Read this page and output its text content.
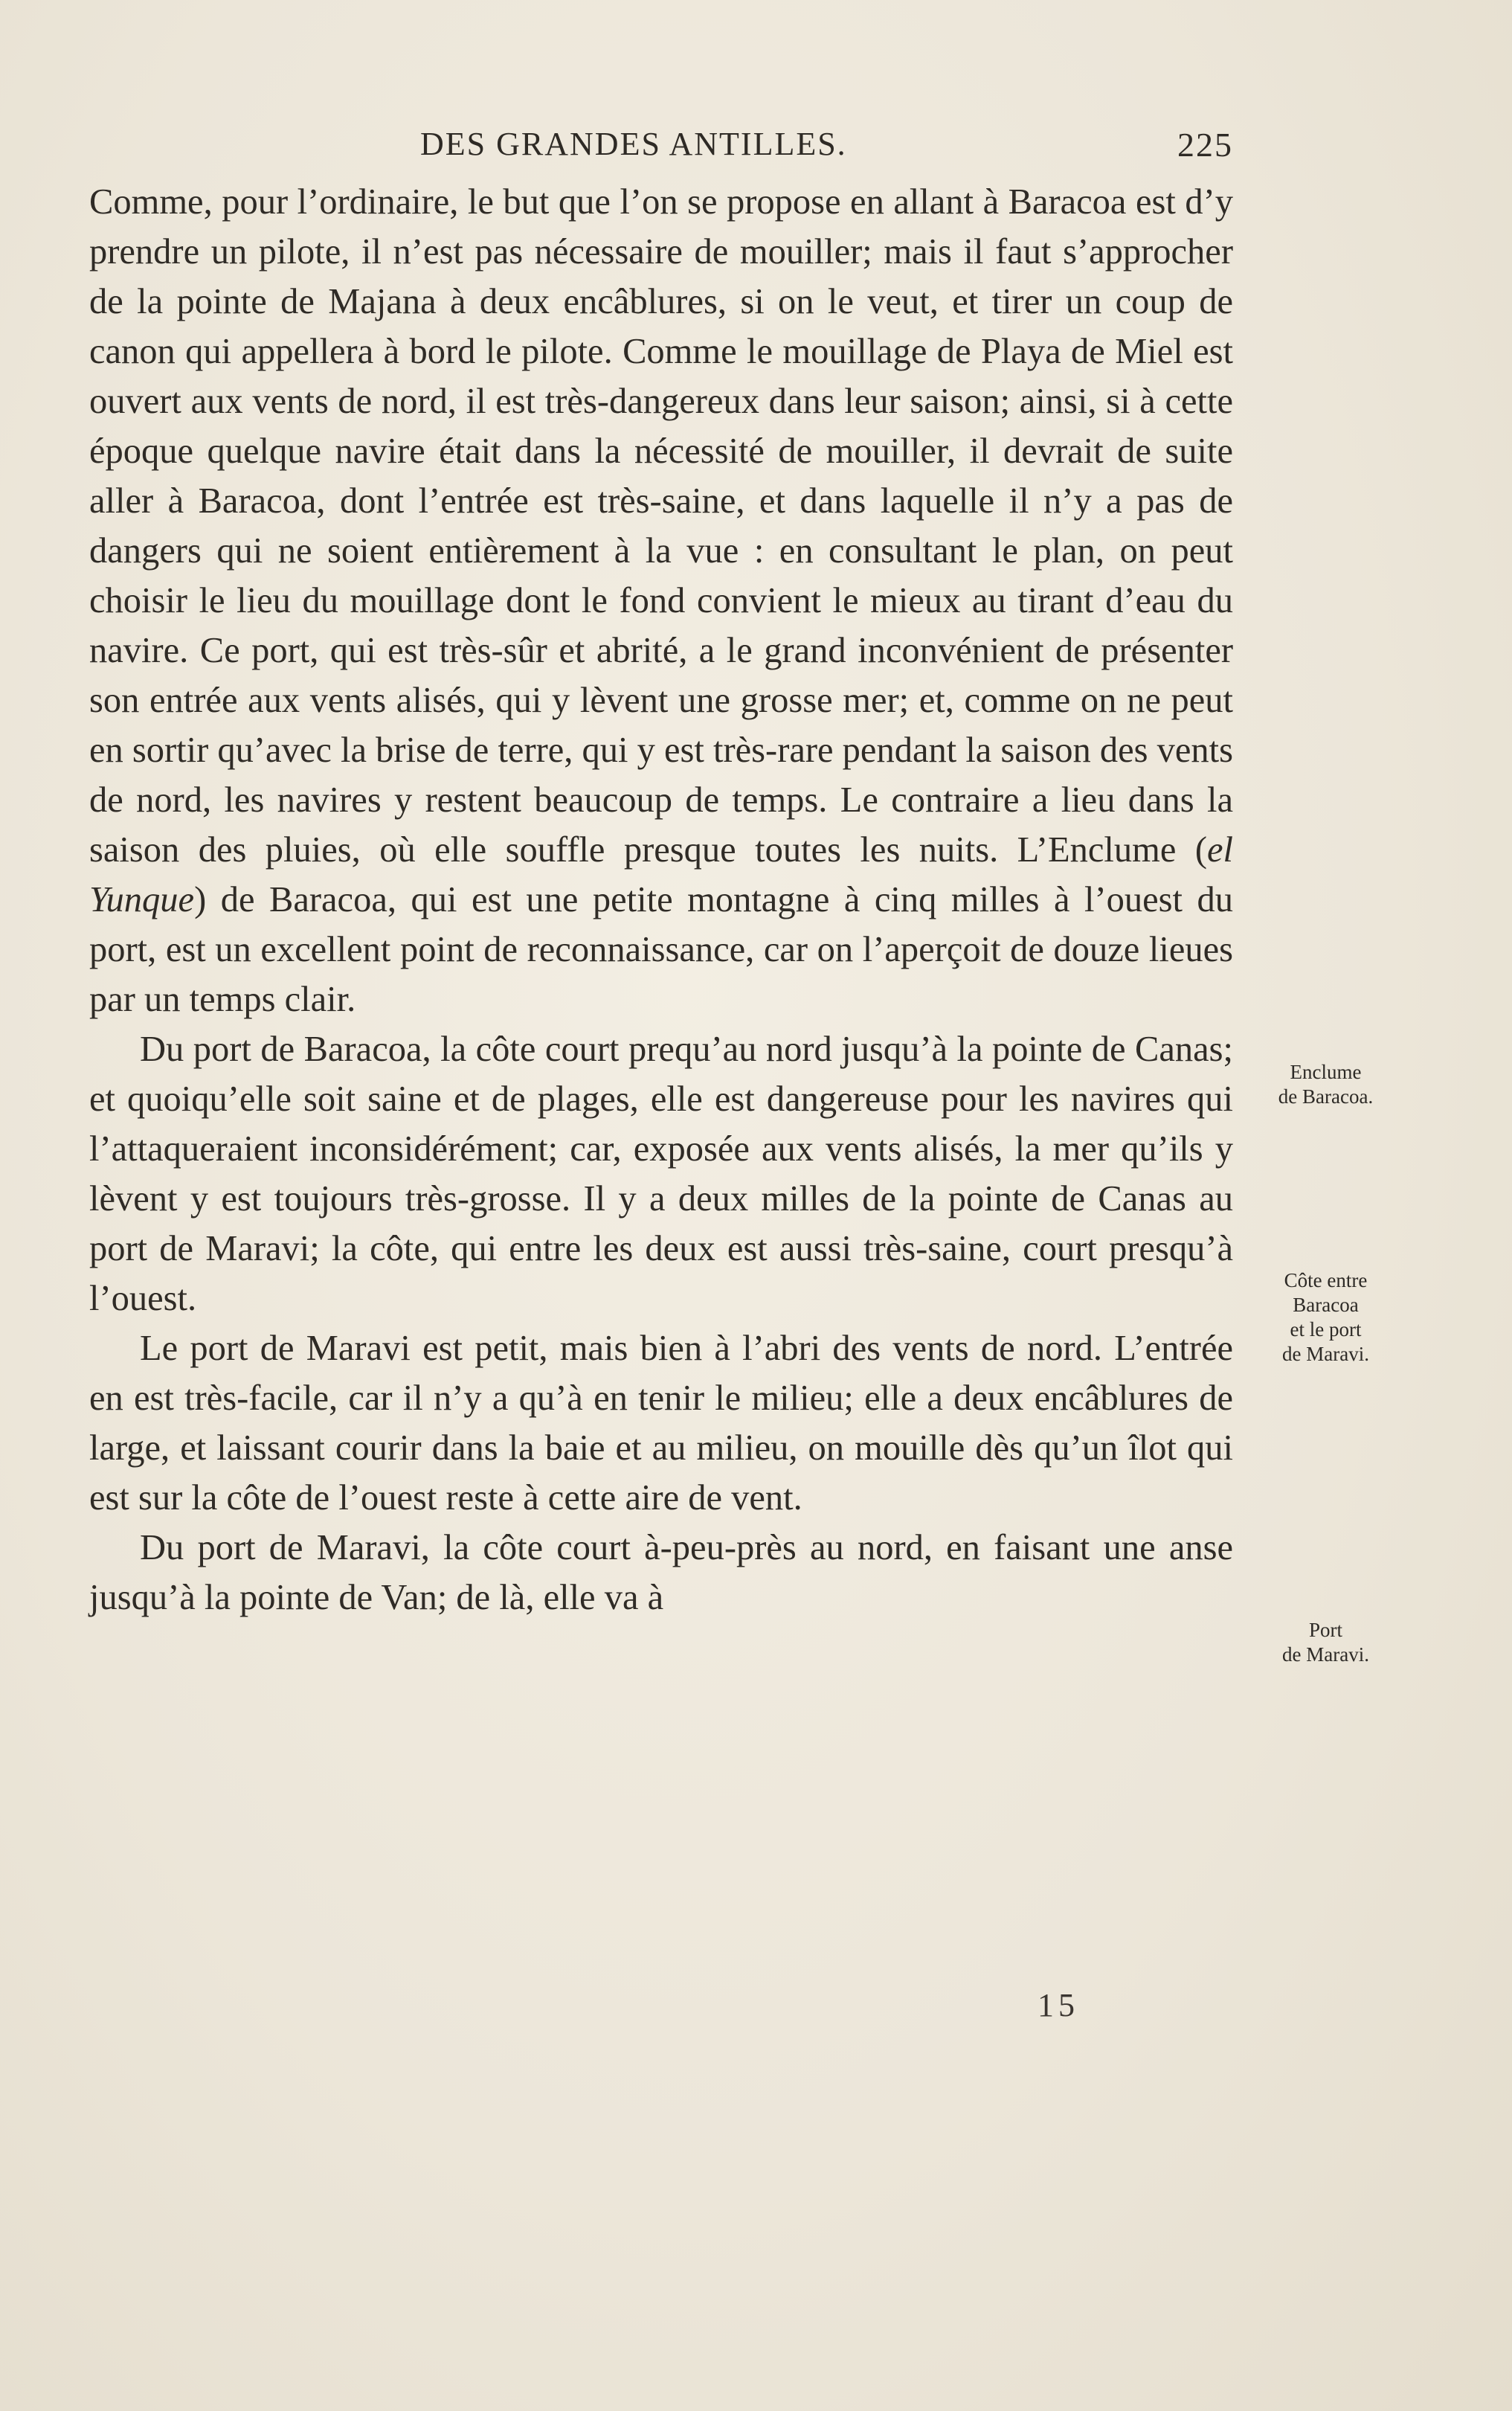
DES GRANDES ANTILLES.	225

Comme, pour l’ordinaire, le but que l’on se propose en allant à Baracoa est d’y prendre un pilote, il n’est pas nécessaire de mouiller; mais il faut s’approcher de la pointe de Majana à deux encâblures, si on le veut, et tirer un coup de canon qui appellera à bord le pilote. Comme le mouillage de Playa de Miel est ouvert aux vents de nord, il est très-dangereux dans leur saison; ainsi, si à cette époque quelque navire était dans la nécessité de mouiller, il devrait de suite aller à Baracoa, dont l’entrée est très-saine, et dans laquelle il n’y a pas de dangers qui ne soient entièrement à la vue : en consultant le plan, on peut choisir le lieu du mouillage dont le fond convient le mieux au tirant d’eau du navire. Ce port, qui est très-sûr et abrité, a le grand inconvénient de présenter son entrée aux vents alisés, qui y lèvent une grosse mer; et, comme on ne peut en sortir qu’avec la brise de terre, qui y est très-rare pendant la saison des vents de nord, les navires y restent beaucoup de temps. Le contraire a lieu dans la saison des pluies, où elle souffle presque toutes les nuits. L’Enclume (el Yunque) de Baracoa, qui est une petite montagne à cinq milles à l’ouest du port, est un excellent point de reconnaissance, car on l’aperçoit de douze lieues par un temps clair.

Du port de Baracoa, la côte court prequ’au nord jusqu’à la pointe de Canas; et quoiqu’elle soit saine et de plages, elle est dangereuse pour les navires qui l’attaqueraient inconsidérément; car, exposée aux vents alisés, la mer qu’ils y lèvent y est toujours très-grosse. Il y a deux milles de la pointe de Canas au port de Maravi; la côte, qui entre les deux est aussi très-saine, court presqu’à l’ouest.

Le port de Maravi est petit, mais bien à l’abri des vents de nord. L’entrée en est très-facile, car il n’y a qu’à en tenir le milieu; elle a deux encâblures de large, et laissant courir dans la baie et au milieu, on mouille dès qu’un îlot qui est sur la côte de l’ouest reste à cette aire de vent.

Du port de Maravi, la côte court à-peu-près au nord, en faisant une anse jusqu’à la pointe de Van; de là, elle va à

Enclume
de Baracoa.
Côte entre
Baracoa
et le port
de Maravi.
Port
de Maravi.
15
